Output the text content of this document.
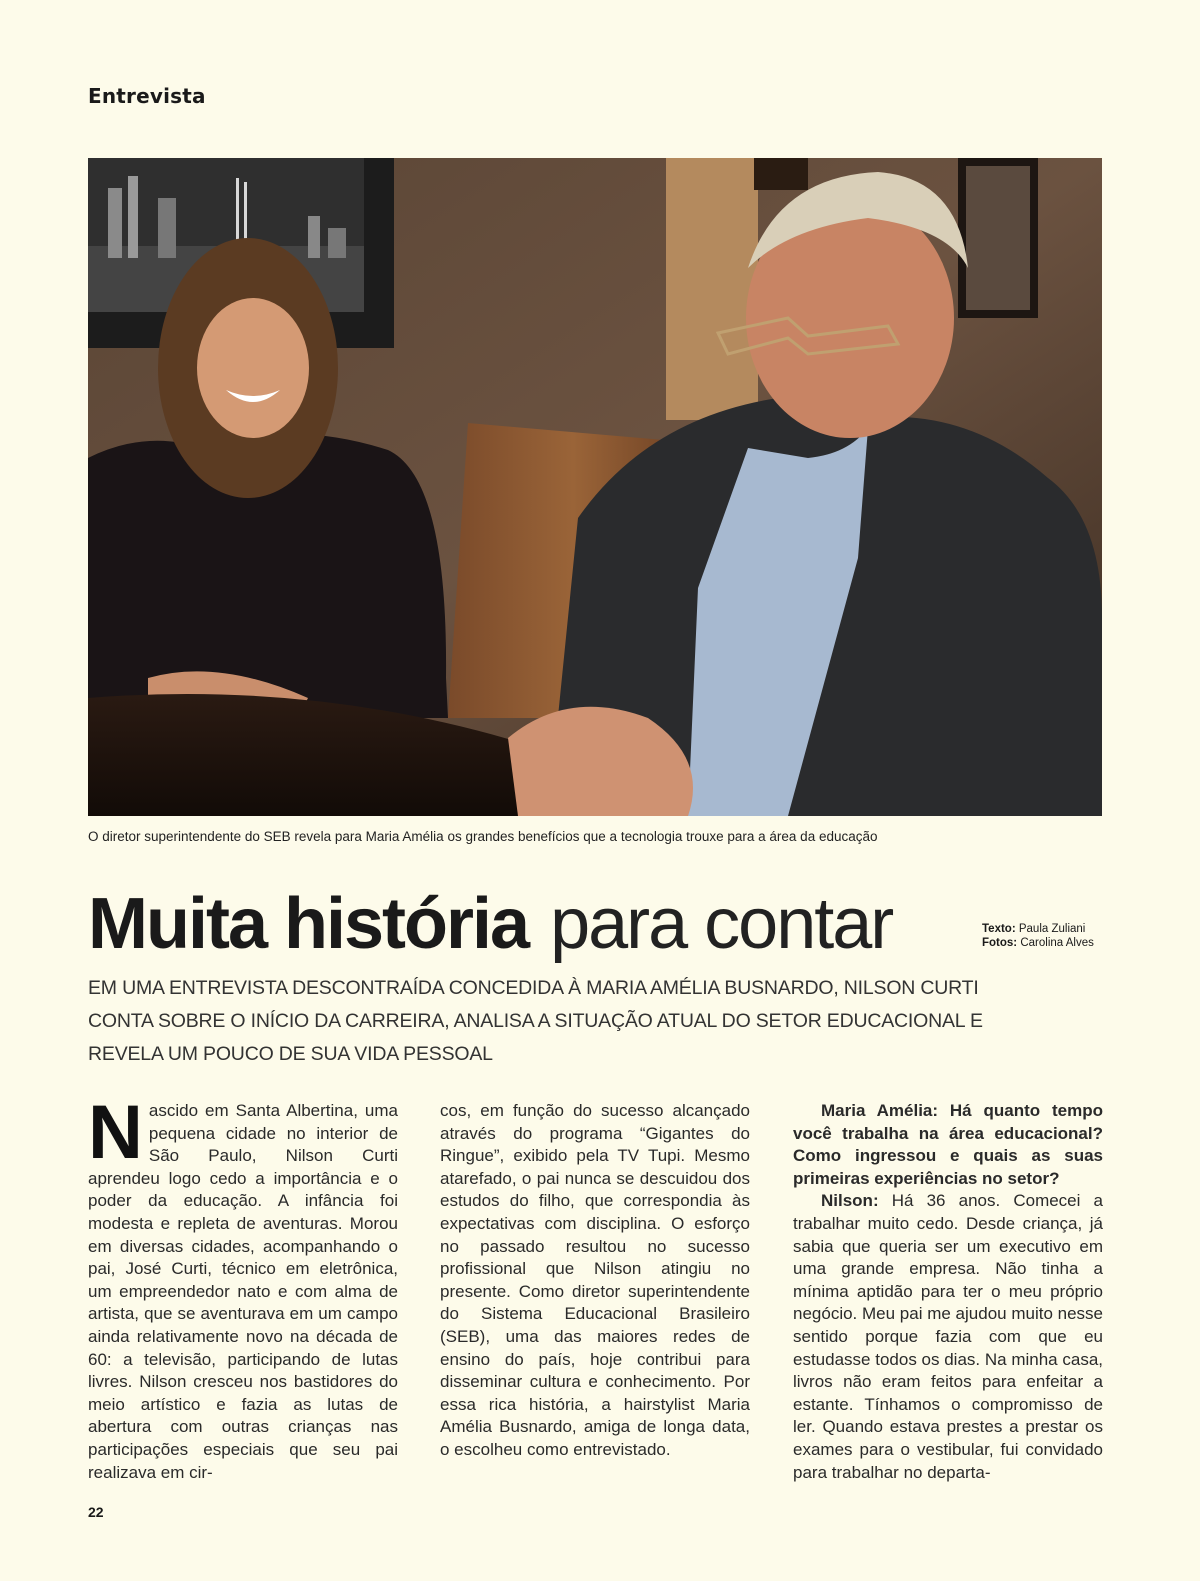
Entrevista
O diretor superintendente do SEB revela para Maria Amélia os grandes benefícios que a tecnologia trouxe para a área da educação
Muita história para contar	Texto: Paula Zuliani
Fotos: Carolina Alves
EM UMA ENTREVISTA DESCONTRAÍDA CONCEDIDA À MARIA AMÉLIA BUSNARDO, NILSON CURTI CONTA SOBRE O INÍCIO DA CARREIRA, ANALISA A SITUAÇÃO ATUAL DO SETOR EDUCACIONAL E REVELA UM POUCO DE SUA VIDA PESSOAL
N ascido em Santa Albertina, uma pequena cidade no interior de São Paulo, Nilson Curti aprendeu logo cedo a importância e o poder da educação. A infância foi modesta e repleta de aventuras. Morou em diversas cidades, acompanhando o pai, José Curti, técnico em eletrônica, um empreendedor nato e com alma de artista, que se aventurava em um campo ainda relativamente novo na década de 60: a televisão, participando de lutas livres. Nilson cresceu nos bastidores do meio artístico e fazia as lutas de abertura com outras crianças nas participações especiais que seu pai realizava em cir-

cos, em função do sucesso alcançado através do programa “Gigantes do Ringue”, exibido pela TV Tupi. Mesmo atarefado, o pai nunca se descuidou dos estudos do filho, que correspondia às expectativas com disciplina. O esforço no passado resultou no sucesso profissional que Nilson atingiu no presente. Como diretor superintendente do Sistema Educacional Brasileiro (SEB), uma das maiores redes de ensino do país, hoje contribui para disseminar cultura e conhecimento. Por essa rica história, a hairstylist Maria Amélia Busnardo, amiga de longa data, o escolheu como entrevistado.

Maria Amélia: Há quanto tempo você trabalha na área educacional? Como ingressou e quais as suas primeiras experiências no setor?

Nilson: Há 36 anos. Comecei a trabalhar muito cedo. Desde criança, já sabia que queria ser um executivo em uma grande empresa. Não tinha a mínima aptidão para ter o meu próprio negócio. Meu pai me ajudou muito nesse sentido porque fazia com que eu estudasse todos os dias. Na minha casa, livros não eram feitos para enfeitar a estante. Tínhamos o compromisso de ler. Quando estava prestes a prestar os exames para o vestibular, fui convidado para trabalhar no departa-

22
